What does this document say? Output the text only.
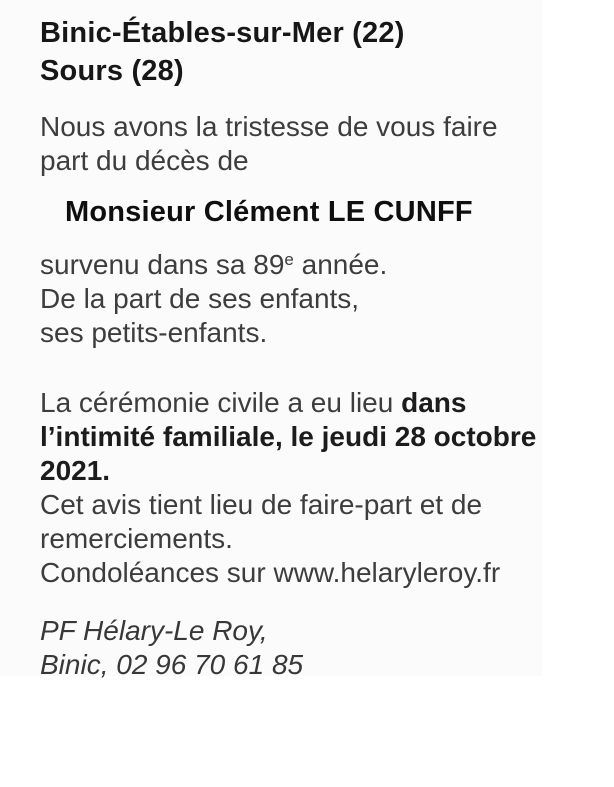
Binic-Étables-sur-Mer (22)
Sours (28)
Nous avons la tristesse de vous faire
part du décès de
Monsieur Clément LE CUNFF
survenu dans sa 89e année.
De la part de ses enfants,
ses petits-enfants.
La cérémonie civile a eu lieu dans
l’intimité familiale, le jeudi 28 octobre
2021.
Cet avis tient lieu de faire-part et de
remerciements.
Condoléances sur www.helaryleroy.fr
PF Hélary-Le Roy,
Binic, 02 96 70 61 85
